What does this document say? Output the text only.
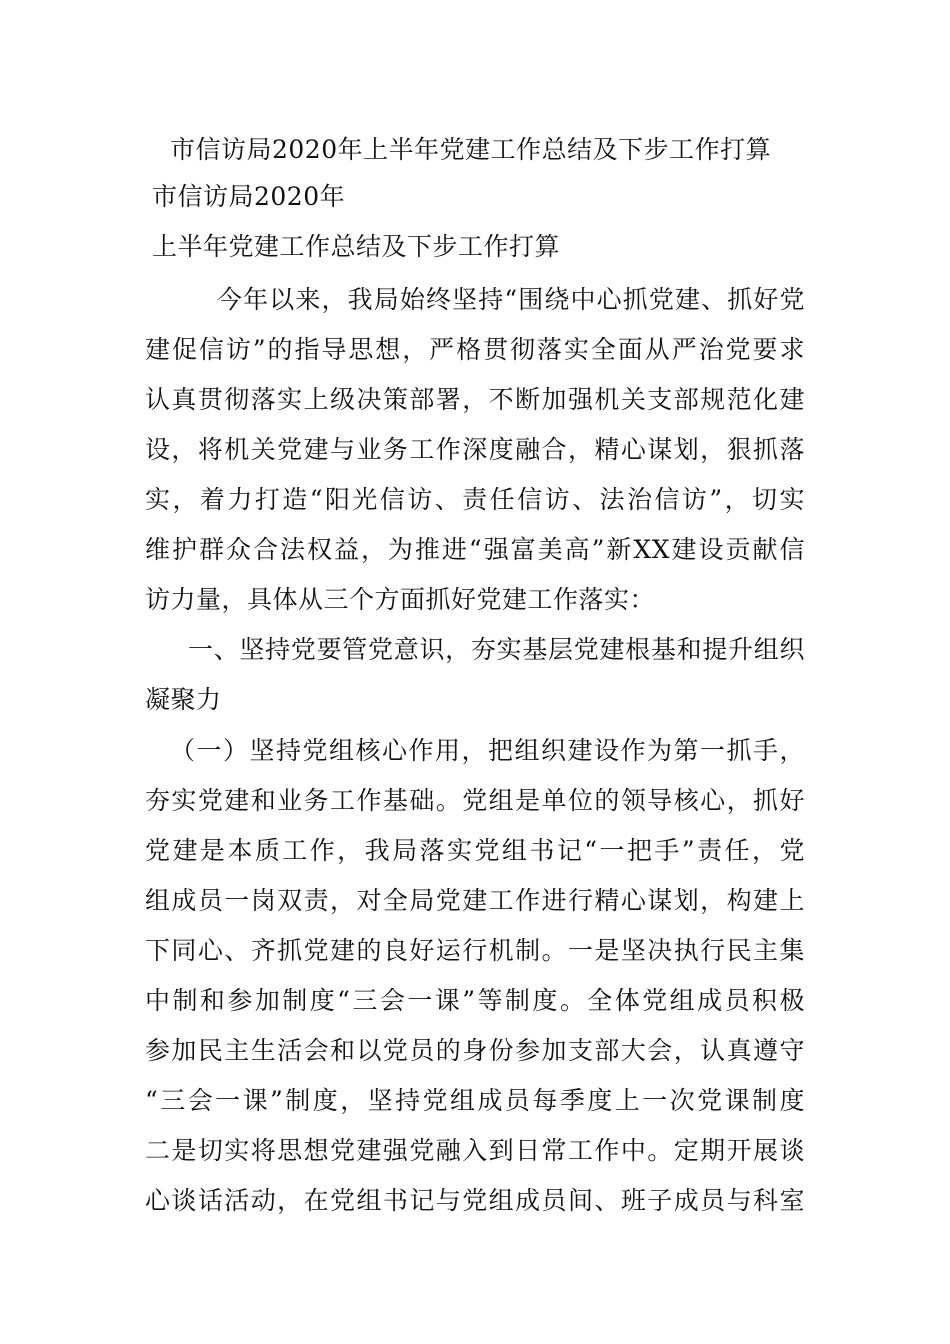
市信访局2020年上半年党建工作总结及下步工作打算
市信访局2020年
上半年党建工作总结及下步工作打算
今年以来，我局始终坚持“围绕中心抓党建、抓好党
建促信访”的指导思想，严格贯彻落实全面从严治党要求
认真贯彻落实上级决策部署，不断加强机关支部规范化建
设，将机关党建与业务工作深度融合，精心谋划，狠抓落
实，着力打造“阳光信访、责任信访、法治信访”，切实
维护群众合法权益，为推进“强富美高”新XX建设贡献信
访力量，具体从三个方面抓好党建工作落实：
一、坚持党要管党意识，夯实基层党建根基和提升组织
凝聚力
（一）坚持党组核心作用，把组织建设作为第一抓手，
夯实党建和业务工作基础。党组是单位的领导核心，抓好
党建是本质工作，我局落实党组书记“一把手”责任，党
组成员一岗双责，对全局党建工作进行精心谋划，构建上
下同心、齐抓党建的良好运行机制。一是坚决执行民主集
中制和参加制度“三会一课”等制度。全体党组成员积极
参加民主生活会和以党员的身份参加支部大会，认真遵守
“三会一课”制度，坚持党组成员每季度上一次党课制度
二是切实将思想党建强党融入到日常工作中。定期开展谈
心谈话活动，在党组书记与党组成员间、班子成员与科室
